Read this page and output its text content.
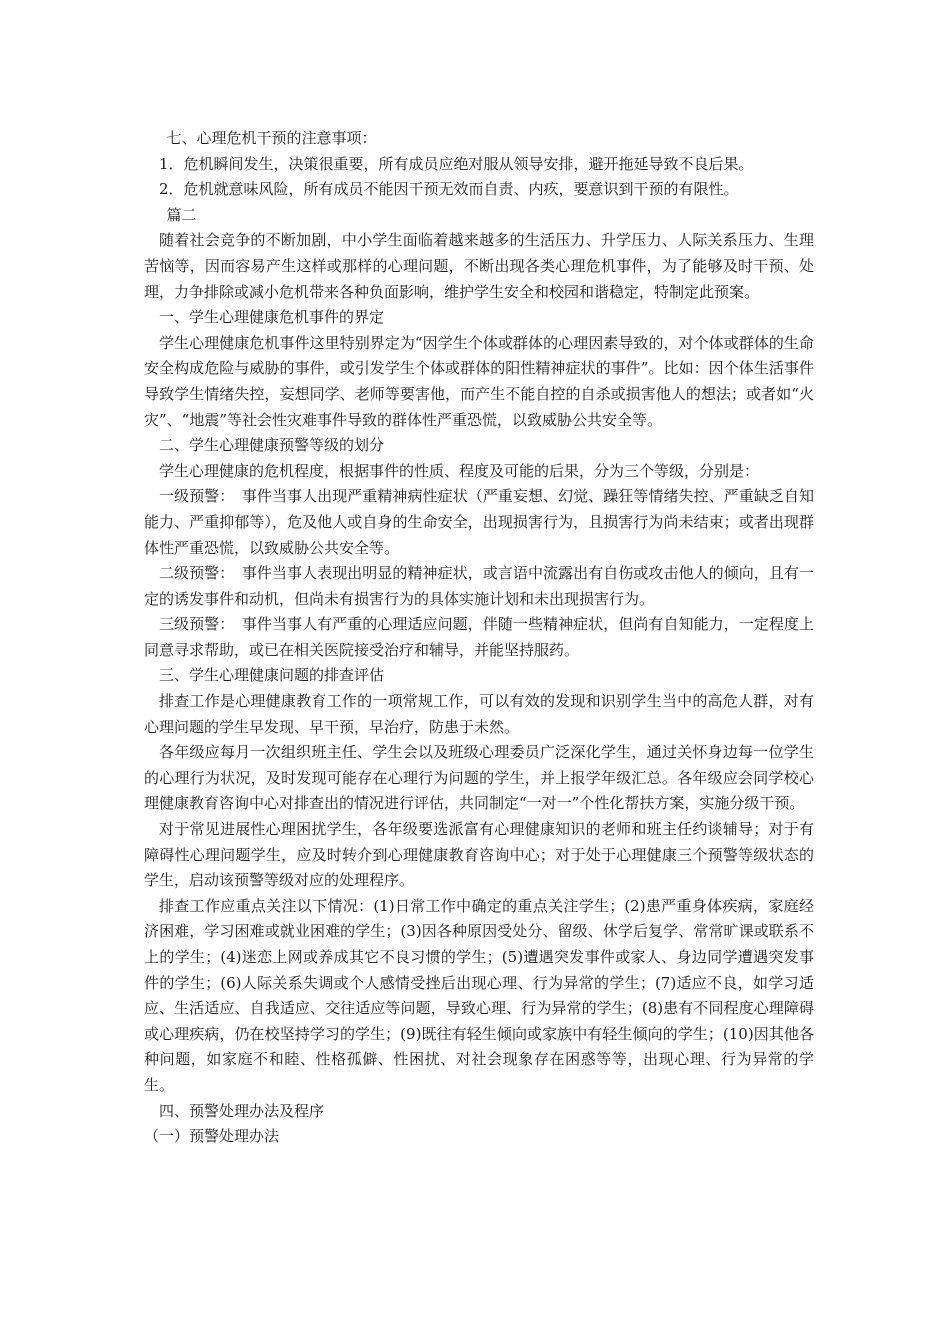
七、心理危机干预的注意事项：

1．危机瞬间发生，决策很重要，所有成员应绝对服从领导安排，避开拖延导致不良后果。

2．危机就意味风险，所有成员不能因干预无效而自责、内疚，要意识到干预的有限性。

篇二

随着社会竞争的不断加剧，中小学生面临着越来越多的生活压力、升学压力、人际关系压力、生理苦恼等，因而容易产生这样或那样的心理问题，不断出现各类心理危机事件，为了能够及时干预、处理，力争排除或减小危机带来各种负面影响，维护学生安全和校园和谐稳定，特制定此预案。

一、学生心理健康危机事件的界定

学生心理健康危机事件这里特别界定为“因学生个体或群体的心理因素导致的，对个体或群体的生命安全构成危险与威胁的事件，或引发学生个体或群体的阳性精神症状的事件”。比如：因个体生活事件导致学生情绪失控，妄想同学、老师等要害他，而产生不能自控的自杀或损害他人的想法；或者如“火灾”、“地震”等社会性灾难事件导致的群体性严重恐慌，以致威胁公共安全等。

二、学生心理健康预警等级的划分

学生心理健康的危机程度，根据事件的性质、程度及可能的后果，分为三个等级，分别是：

一级预警：　事件当事人出现严重精神病性症状（严重妄想、幻觉、躁狂等情绪失控、严重缺乏自知能力、严重抑郁等），危及他人或自身的生命安全，出现损害行为，且损害行为尚未结束；或者出现群体性严重恐慌，以致威胁公共安全等。

二级预警：　事件当事人表现出明显的精神症状，或言语中流露出有自伤或攻击他人的倾向，且有一定的诱发事件和动机，但尚未有损害行为的具体实施计划和未出现损害行为。

三级预警：　事件当事人有严重的心理适应问题，伴随一些精神症状，但尚有自知能力，一定程度上同意寻求帮助，或已在相关医院接受治疗和辅导，并能坚持服药。

三、学生心理健康问题的排查评估

排查工作是心理健康教育工作的一项常规工作，可以有效的发现和识别学生当中的高危人群，对有心理问题的学生早发现、早干预，早治疗，防患于未然。

各年级应每月一次组织班主任、学生会以及班级心理委员广泛深化学生，通过关怀身边每一位学生的心理行为状况，及时发现可能存在心理行为问题的学生，并上报学年级汇总。各年级应会同学校心理健康教育咨询中心对排查出的情况进行评估，共同制定“一对一”个性化帮扶方案，实施分级干预。

对于常见进展性心理困扰学生，各年级要选派富有心理健康知识的老师和班主任约谈辅导；对于有障碍性心理问题学生，应及时转介到心理健康教育咨询中心；对于处于心理健康三个预警等级状态的学生，启动该预警等级对应的处理程序。

排查工作应重点关注以下情况：(1)日常工作中确定的重点关注学生；(2)患严重身体疾病，家庭经济困难，学习困难或就业困难的学生；(3)因各种原因受处分、留级、休学后复学、常常旷课或联系不上的学生；(4)迷恋上网或养成其它不良习惯的学生；(5)遭遇突发事件或家人、身边同学遭遇突发事件的学生；(6)人际关系失调或个人感情受挫后出现心理、行为异常的学生；(7)适应不良，如学习适应、生活适应、自我适应、交往适应等问题，导致心理、行为异常的学生；(8)患有不同程度心理障碍或心理疾病，仍在校坚持学习的学生；(9)既往有轻生倾向或家族中有轻生倾向的学生；(10)因其他各种问题，如家庭不和睦、性格孤僻、性困扰、对社会现象存在困惑等等，出现心理、行为异常的学生。

四、预警处理办法及程序

（一）预警处理办法
